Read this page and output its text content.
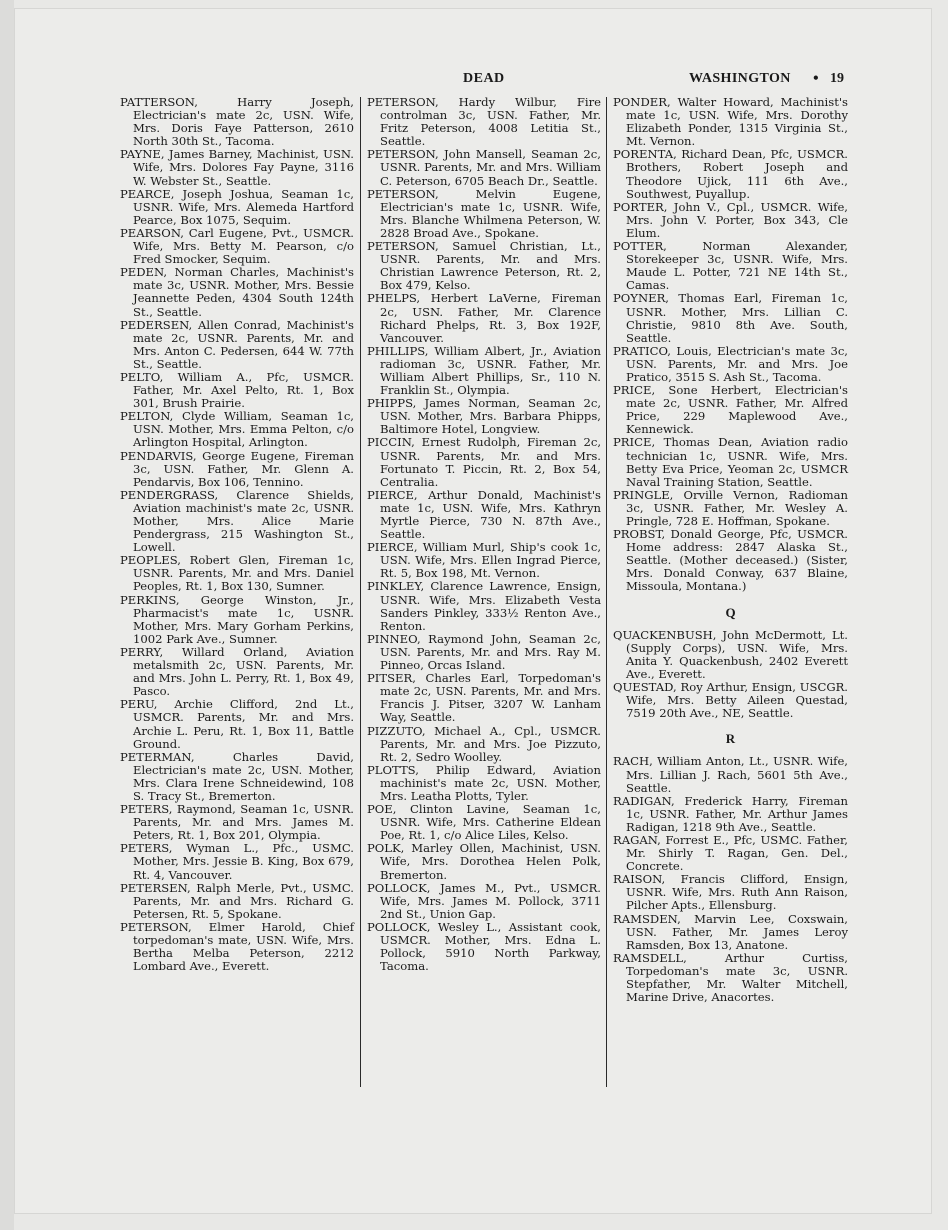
DEAD	WASHINGTON • 19

PATTERSON, Harry Joseph, Electrician's mate 2c, USN. Wife, Mrs. Doris Faye Patterson, 2610 North 30th St., Tacoma.

PAYNE, James Barney, Machinist, USN. Wife, Mrs. Dolores Fay Payne, 3116 W. Webster St., Seattle.

PEARCE, Joseph Joshua, Seaman 1c, USNR. Wife, Mrs. Alemeda Hartford Pearce, Box 1075, Sequim.

PEARSON, Carl Eugene, Pvt., USMCR. Wife, Mrs. Betty M. Pearson, c/o Fred Smocker, Sequim.

PEDEN, Norman Charles, Machinist's mate 3c, USNR. Mother, Mrs. Bessie Jeannette Peden, 4304 South 124th St., Seattle.

PEDERSEN, Allen Conrad, Machinist's mate 2c, USNR. Parents, Mr. and Mrs. Anton C. Pedersen, 644 W. 77th St., Seattle.

PELTO, William A., Pfc, USMCR. Father, Mr. Axel Pelto, Rt. 1, Box 301, Brush Prairie.

PELTON, Clyde William, Seaman 1c, USN. Mother, Mrs. Emma Pelton, c/o Arlington Hospital, Arlington.

PENDARVIS, George Eugene, Fireman 3c, USN. Father, Mr. Glenn A. Pendarvis, Box 106, Tennino.

PENDERGRASS, Clarence Shields, Aviation machinist's mate 2c, USNR. Mother, Mrs. Alice Marie Pendergrass, 215 Washington St., Lowell.

PEOPLES, Robert Glen, Fireman 1c, USNR. Parents, Mr. and Mrs. Daniel Peoples, Rt. 1, Box 130, Sumner.

PERKINS, George Winston, Jr., Pharmacist's mate 1c, USNR. Mother, Mrs. Mary Gorham Perkins, 1002 Park Ave., Sumner.

PERRY, Willard Orland, Aviation metalsmith 2c, USN. Parents, Mr. and Mrs. John L. Perry, Rt. 1, Box 49, Pasco.

PERU, Archie Clifford, 2nd Lt., USMCR. Parents, Mr. and Mrs. Archie L. Peru, Rt. 1, Box 11, Battle Ground.

PETERMAN, Charles David, Electrician's mate 2c, USN. Mother, Mrs. Clara Irene Schneidewind, 108 S. Tracy St., Bremerton.

PETERS, Raymond, Seaman 1c, USNR. Parents, Mr. and Mrs. James M. Peters, Rt. 1, Box 201, Olympia.

PETERS, Wyman L., Pfc., USMC. Mother, Mrs. Jessie B. King, Box 679, Rt. 4, Vancouver.

PETERSEN, Ralph Merle, Pvt., USMC. Parents, Mr. and Mrs. Richard G. Petersen, Rt. 5, Spokane.

PETERSON, Elmer Harold, Chief torpedoman's mate, USN. Wife, Mrs. Bertha Melba Peterson, 2212 Lombard Ave., Everett.

PETERSON, Hardy Wilbur, Fire controlman 3c, USN. Father, Mr. Fritz Peterson, 4008 Letitia St., Seattle.

PETERSON, John Mansell, Seaman 2c, USNR. Parents, Mr. and Mrs. William C. Peterson, 6705 Beach Dr., Seattle.

PETERSON, Melvin Eugene, Electrician's mate 1c, USNR. Wife, Mrs. Blanche Whilmena Peterson, W. 2828 Broad Ave., Spokane.

PETERSON, Samuel Christian, Lt., USNR. Parents, Mr. and Mrs. Christian Lawrence Peterson, Rt. 2, Box 479, Kelso.

PHELPS, Herbert LaVerne, Fireman 2c, USN. Father, Mr. Clarence Richard Phelps, Rt. 3, Box 192F, Vancouver.

PHILLIPS, William Albert, Jr., Aviation radioman 3c, USNR. Father, Mr. William Albert Phillips, Sr., 110 N. Franklin St., Olympia.

PHIPPS, James Norman, Seaman 2c, USN. Mother, Mrs. Barbara Phipps, Baltimore Hotel, Longview.

PICCIN, Ernest Rudolph, Fireman 2c, USNR. Parents, Mr. and Mrs. Fortunato T. Piccin, Rt. 2, Box 54, Centralia.

PIERCE, Arthur Donald, Machinist's mate 1c, USN. Wife, Mrs. Kathryn Myrtle Pierce, 730 N. 87th Ave., Seattle.

PIERCE, William Murl, Ship's cook 1c, USN. Wife, Mrs. Ellen Ingrad Pierce, Rt. 5, Box 198, Mt. Vernon.

PINKLEY, Clarence Lawrence, Ensign, USNR. Wife, Mrs. Elizabeth Vesta Sanders Pinkley, 333½ Renton Ave., Renton.

PINNEO, Raymond John, Seaman 2c, USN. Parents, Mr. and Mrs. Ray M. Pinneo, Orcas Island.

PITSER, Charles Earl, Torpedoman's mate 2c, USN. Parents, Mr. and Mrs. Francis J. Pitser, 3207 W. Lanham Way, Seattle.

PIZZUTO, Michael A., Cpl., USMCR. Parents, Mr. and Mrs. Joe Pizzuto, Rt. 2, Sedro Woolley.

PLOTTS, Philip Edward, Aviation machinist's mate 2c, USN. Mother, Mrs. Leatha Plotts, Tyler.

POE, Clinton Lavine, Seaman 1c, USNR. Wife, Mrs. Catherine Eldean Poe, Rt. 1, c/o Alice Liles, Kelso.

POLK, Marley Ollen, Machinist, USN. Wife, Mrs. Dorothea Helen Polk, Bremerton.

POLLOCK, James M., Pvt., USMCR. Wife, Mrs. James M. Pollock, 3711 2nd St., Union Gap.

POLLOCK, Wesley L., Assistant cook, USMCR. Mother, Mrs. Edna L. Pollock, 5910 North Parkway, Tacoma.

PONDER, Walter Howard, Machinist's mate 1c, USN. Wife, Mrs. Dorothy Elizabeth Ponder, 1315 Virginia St., Mt. Vernon.

PORENTA, Richard Dean, Pfc, USMCR. Brothers, Robert Joseph and Theodore Ujick, 111 6th Ave., Southwest, Puyallup.

PORTER, John V., Cpl., USMCR. Wife, Mrs. John V. Porter, Box 343, Cle Elum.

POTTER, Norman Alexander, Storekeeper 3c, USNR. Wife, Mrs. Maude L. Potter, 721 NE 14th St., Camas.

POYNER, Thomas Earl, Fireman 1c, USNR. Mother, Mrs. Lillian C. Christie, 9810 8th Ave. South, Seattle.

PRATICO, Louis, Electrician's mate 3c, USN. Parents, Mr. and Mrs. Joe Pratico, 3515 S. Ash St., Tacoma.

PRICE, Sone Herbert, Electrician's mate 2c, USNR. Father, Mr. Alfred Price, 229 Maplewood Ave., Kennewick.

PRICE, Thomas Dean, Aviation radio technician 1c, USNR. Wife, Mrs. Betty Eva Price, Yeoman 2c, USMCR Naval Training Station, Seattle.

PRINGLE, Orville Vernon, Radioman 3c, USNR. Father, Mr. Wesley A. Pringle, 728 E. Hoffman, Spokane.

PROBST, Donald George, Pfc, USMCR. Home address: 2847 Alaska St., Seattle. (Mother deceased.) (Sister, Mrs. Donald Conway, 637 Blaine, Missoula, Montana.)

Q

QUACKENBUSH, John McDermott, Lt. (Supply Corps), USN. Wife, Mrs. Anita Y. Quackenbush, 2402 Everett Ave., Everett.

QUESTAD, Roy Arthur, Ensign, USCGR. Wife, Mrs. Betty Aileen Questad, 7519 20th Ave., NE, Seattle.

R

RACH, William Anton, Lt., USNR. Wife, Mrs. Lillian J. Rach, 5601 5th Ave., Seattle.

RADIGAN, Frederick Harry, Fireman 1c, USNR. Father, Mr. Arthur James Radigan, 1218 9th Ave., Seattle.

RAGAN, Forrest E., Pfc, USMC. Father, Mr. Shirly T. Ragan, Gen. Del., Concrete.

RAISON, Francis Clifford, Ensign, USNR. Wife, Mrs. Ruth Ann Raison, Pilcher Apts., Ellensburg.

RAMSDEN, Marvin Lee, Coxswain, USN. Father, Mr. James Leroy Ramsden, Box 13, Anatone.

RAMSDELL, Arthur Curtiss, Torpedoman's mate 3c, USNR. Stepfather, Mr. Walter Mitchell, Marine Drive, Anacortes.
